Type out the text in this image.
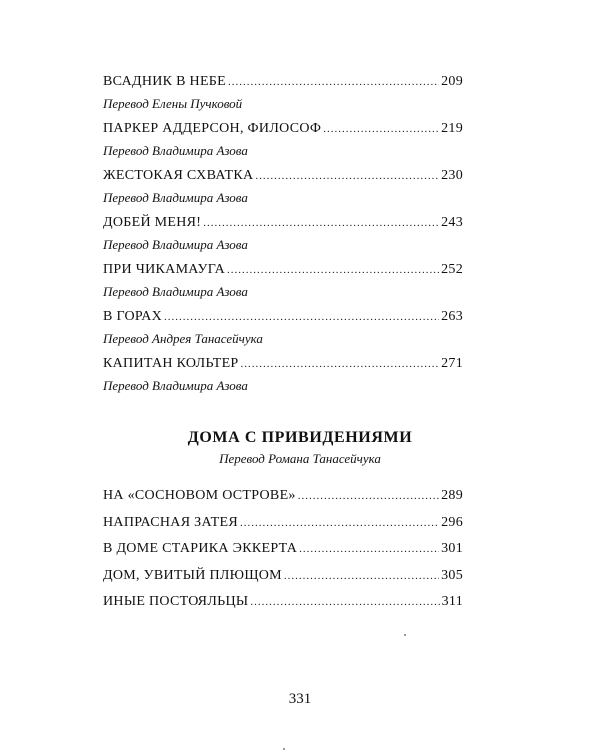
ВСАДНИК В НЕБЕ .....	209
Перевод Елены Пучковой
ПАРКЕР АДДЕРСОН, ФИЛОСОФ .....	219
Перевод Владимира Азова
ЖЕСТОКАЯ СХВАТКА .....	230
Перевод Владимира Азова
ДОБЕЙ МЕНЯ! .....	243
Перевод Владимира Азова
ПРИ ЧИКАМАУГА .....	252
Перевод Владимира Азова
В ГОРАХ .....	263
Перевод Андрея Танасейчука
КАПИТАН КОЛЬТЕР .....	271
Перевод Владимира Азова
ДОМА С ПРИВИДЕНИЯМИ
Перевод Романа Танасейчука
НА «СОСНОВОМ ОСТРОВЕ» .....	289
НАПРАСНАЯ ЗАТЕЯ .....	296
В ДОМЕ СТАРИКА ЭККЕРТА .....	301
ДОМ, УВИТЫЙ ПЛЮЩОМ .....	305
ИНЫЕ ПОСТОЯЛЬЦЫ .....	311
331
